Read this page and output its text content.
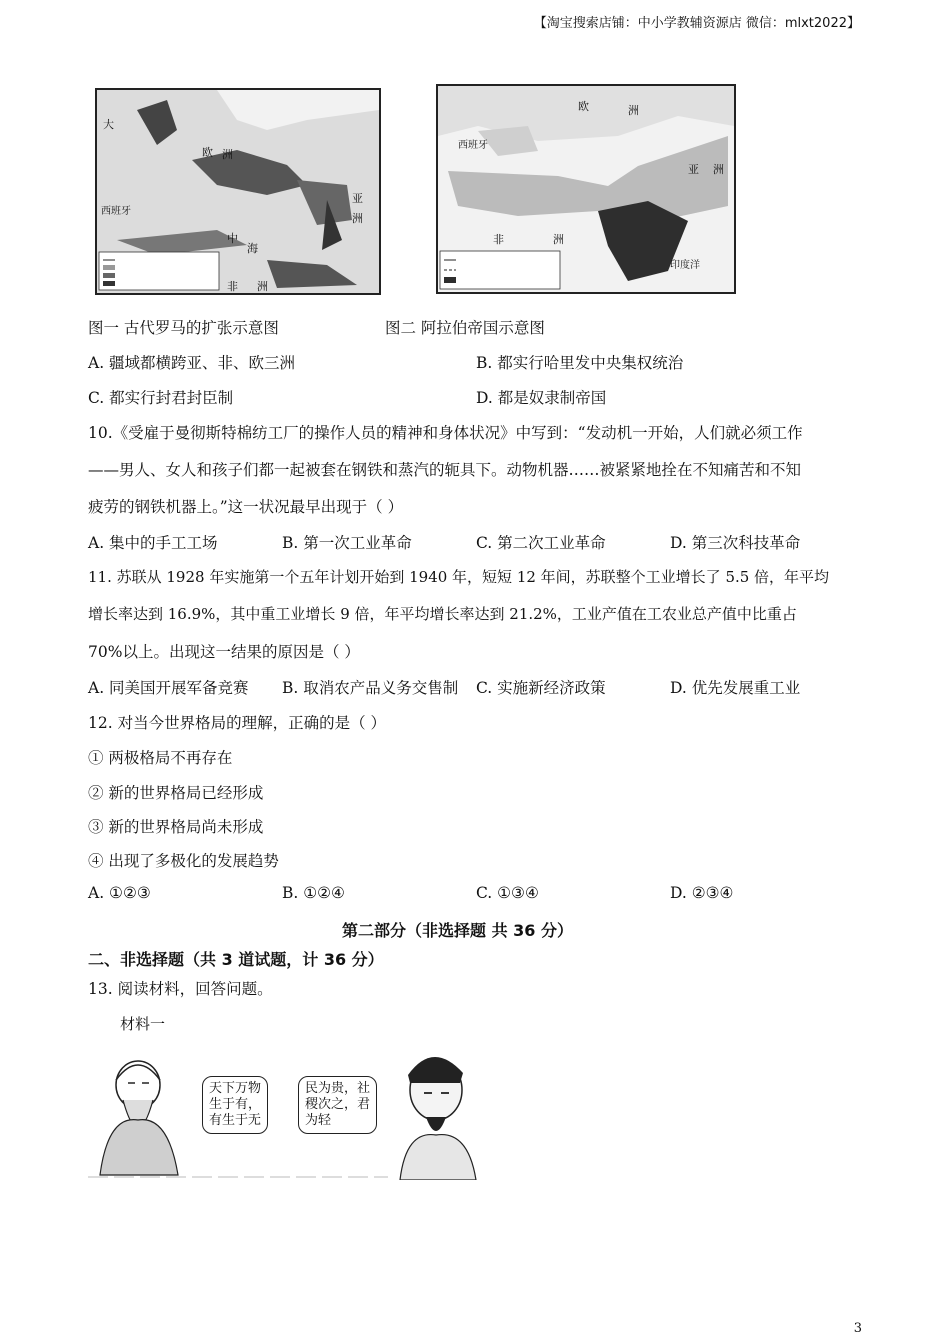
【淘宝搜索店铺：中小学教辅资源店 微信：mlxt2022】
大
欧 洲
亚
洲
非 洲
中
海
西班牙
欧	洲
亚 洲
非	洲
西班牙
印度洋
图一 古代罗马的扩张示意图	图二 阿拉伯帝国示意图
A. 疆域都横跨亚、非、欧三洲	B. 都实行哈里发中央集权统治
C. 都实行封君封臣制	D. 都是奴隶制帝国
10.《受雇于曼彻斯特棉纺工厂的操作人员的精神和身体状况》中写到：“发动机一开始，人们就必须工作
——男人、女人和孩子们都一起被套在钢铁和蒸汽的轭具下。动物机器……被紧紧地拴在不知痛苦和不知
疲劳的钢铁机器上。”这一状况最早出现于（ ）
A. 集中的手工工场	B. 第一次工业革命	C. 第二次工业革命	D. 第三次科技革命
11. 苏联从 1928 年实施第一个五年计划开始到 1940 年，短短 12 年间，苏联整个工业增长了 5.5 倍，年平均
增长率达到 16.9%，其中重工业增长 9 倍，年平均增长率达到 21.2%，工业产值在工农业总产值中比重占
70%以上。出现这一结果的原因是（ ）
A. 同美国开展军备竞赛 B. 取消农产品义务交售制 C. 实施新经济政策	D. 优先发展重工业
12. 对当今世界格局的理解，正确的是（ ）
① 两极格局不再存在
② 新的世界格局已经形成
③ 新的世界格局尚未形成
④ 出现了多极化的发展趋势
A. ①②③	B. ①②④	C. ①③④	D. ②③④
第二部分（非选择题 共 36 分）
二、非选择题（共 3 道试题，计 36 分）
13. 阅读材料，回答问题。
材料一
天下万物
生于有，
有生于无
民为贵，社
稷次之，君
为轻
3
